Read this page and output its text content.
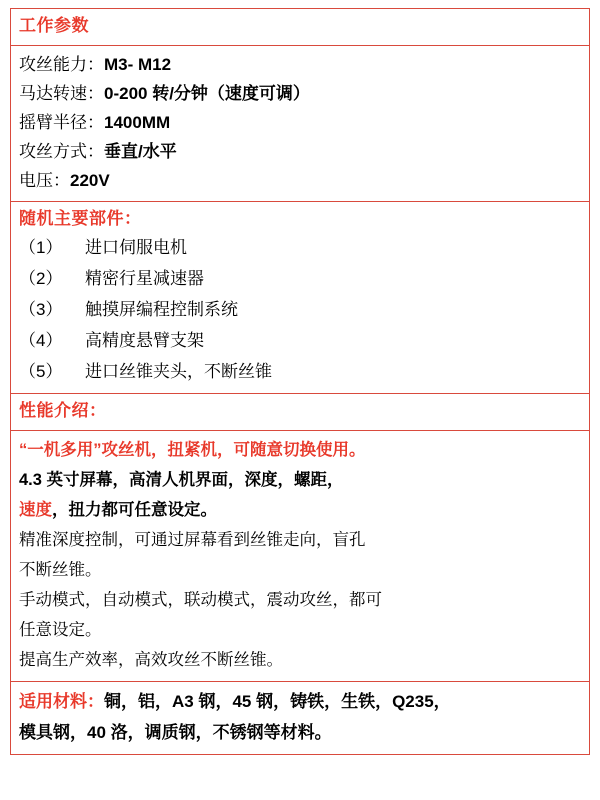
工作参数
攻丝能力：M3- M12
马达转速：0-200 转/分钟（速度可调）
摇臂半径：1400MM
攻丝方式：垂直/水平
电压：220V
随机主要部件：
（1） 进口伺服电机
（2） 精密行星减速器
（3） 触摸屏编程控制系统
（4） 高精度悬臂支架
（5） 进口丝锥夹头，不断丝锥
性能介绍：
“一机多用”攻丝机，扭紧机，可随意切换使用。
4.3 英寸屏幕，高清人机界面，深度，螺距，
速度，扭力都可任意设定。
精准深度控制，可通过屏幕看到丝锥走向，盲孔
不断丝锥。
手动模式，自动模式，联动模式，震动攻丝，都可
任意设定。
提高生产效率，高效攻丝不断丝锥。
适用材料：铜，铝，A3 钢，45 钢，铸铁，生铁，Q235，
模具钢，40 洛，调质钢，不锈钢等材料。
